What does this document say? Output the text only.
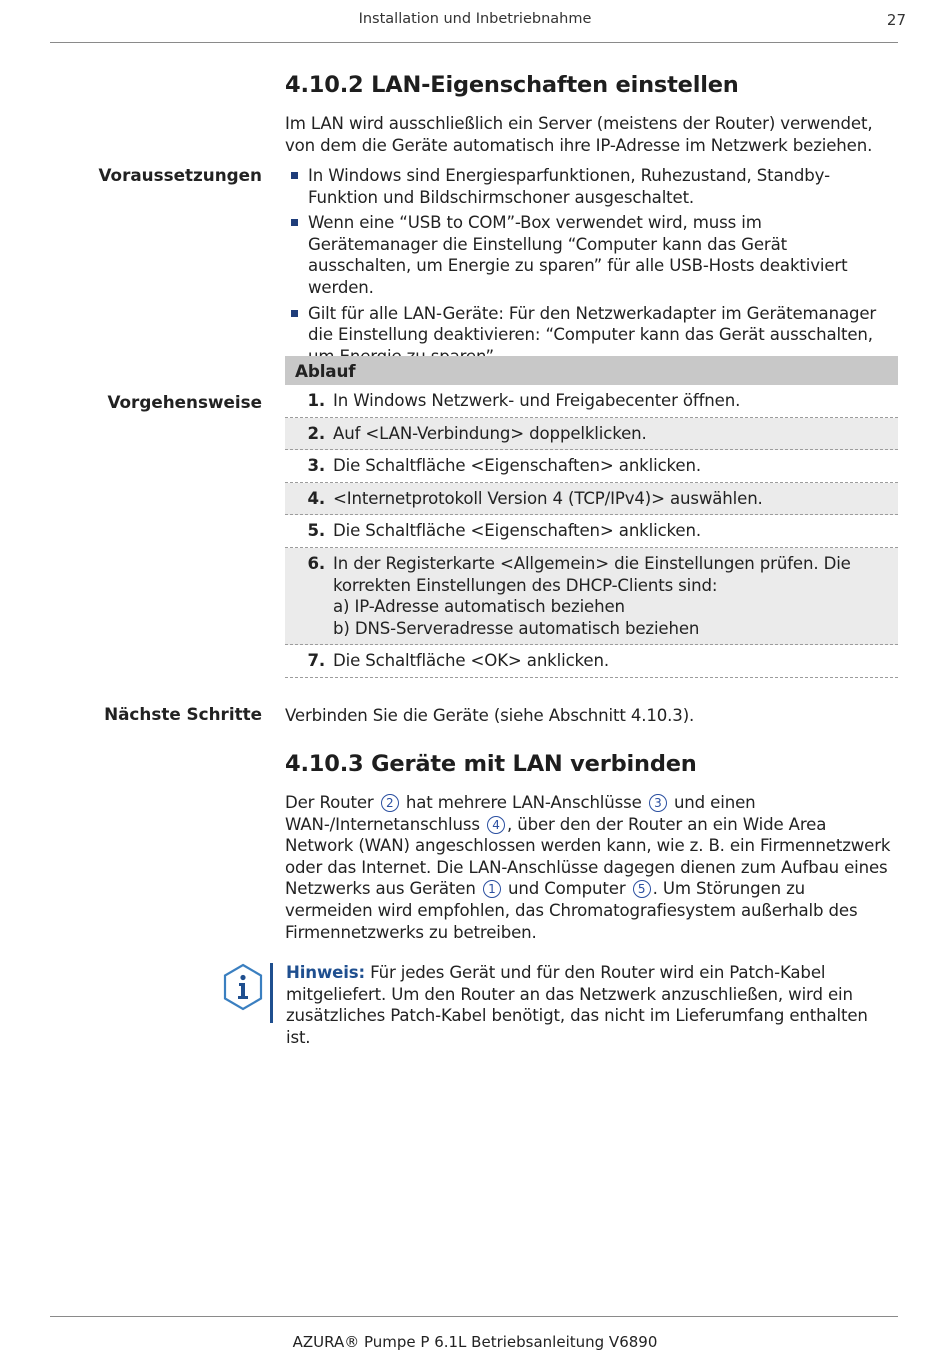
Installation und Inbetriebnahme	27
4.10.2 LAN-Eigenschaften einstellen
Im LAN wird ausschließlich ein Server (meistens der Router) verwendet, von dem die Geräte automatisch ihre IP-Adresse im Netzwerk beziehen.
Voraussetzungen	In Windows sind Energiesparfunktionen, Ruhezustand, Standby-Funktion und Bildschirmschoner ausgeschaltet.
Wenn eine “USB to COM”-Box verwendet wird, muss im Gerätemanager die Einstellung “Computer kann das Gerät ausschalten, um Energie zu sparen” für alle USB-Hosts deaktiviert werden.
Gilt für alle LAN-Geräte: Für den Netzwerkadapter im Gerätemanager die Einstellung deaktivieren: “Computer kann das Gerät ausschalten,
Ablauf
1. In Windows Netzwerk- und Freigabecenter öffnen.
2. Auf <LAN-Verbindung> doppelklicken.
3. Die Schaltfläche <Eigenschaften> anklicken.
4. <Internetprotokoll Version 4 (TCP/IPv4)> auswählen.
5. Die Schaltfläche <Eigenschaften> anklicken.
6. In der Registerkarte <Allgemein> die Einstellungen prüfen. Die korrekten Einstellungen des DHCP-Clients sind:
a) IP-Adresse automatisch beziehen
b) DNS-Serveradresse automatisch beziehen
7. Die Schaltfläche <OK> anklicken.
Vorgehensweise
Nächste Schritte Verbinden Sie die Geräte (siehe Abschnitt 4.10.3).
4.10.3 Geräte mit LAN verbinden
Der Router 2 hat mehrere LAN-Anschlüsse 3 und einen WAN-/Internetanschluss 4 , über den der Router an ein Wide Area Network (WAN) angeschlossen werden kann, wie z. B. ein Firmennetzwerk oder das Internet. Die LAN-Anschlüsse dagegen dienen zum Aufbau eines Netzwerks aus Geräten 1 und Computer 5 . Um Störungen zu vermeiden wird empfohlen, das Chromatografiesystem außerhalb des Firmennetzwerks zu betreiben.
Hinweis: Für jedes Gerät und für den Router wird ein Patch-Kabel mitgeliefert. Um den Router an das Netzwerk anzuschließen, wird ein zusätzliches Patch-Kabel benötigt, das nicht im Lieferumfang enthalten ist.
AZURA® Pumpe P 6.1L Betriebsanleitung V6890
